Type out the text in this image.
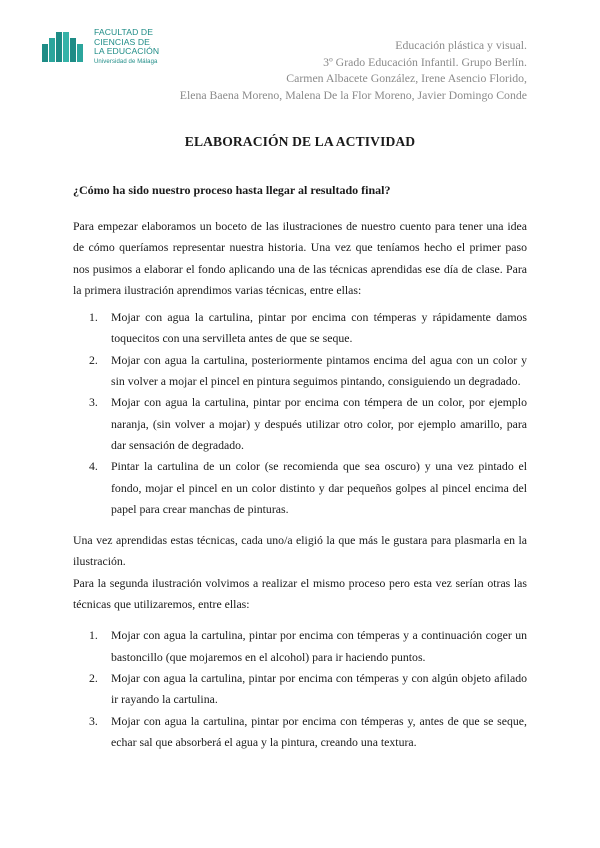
FACULTAD DE
CIENCIAS DE
LA EDUCACIÓN
Universidad de Málaga
Educación plástica y visual.
3º Grado Educación Infantil. Grupo Berlín.
Carmen Albacete González, Irene Asencio Florido,
Elena Baena Moreno, Malena De la Flor Moreno, Javier Domingo Conde
ELABORACIÓN DE LA ACTIVIDAD
¿Cómo ha sido nuestro proceso hasta llegar al resultado final?

Para empezar elaboramos un boceto de las ilustraciones de nuestro cuento para tener una idea de cómo queríamos representar nuestra historia. Una vez que teníamos hecho el primer paso nos pusimos a elaborar el fondo aplicando una de las técnicas aprendidas ese día de clase. Para la primera ilustración aprendimos varias técnicas, entre ellas:

1. Mojar con agua la cartulina, pintar por encima con témperas y rápidamente damos toquecitos con una servilleta antes de que se seque.
2. Mojar con agua la cartulina, posteriormente pintamos encima del agua con un color y sin volver a mojar el pincel en pintura seguimos pintando, consiguiendo un degradado.
3. Mojar con agua la cartulina, pintar por encima con témpera de un color, por ejemplo naranja, (sin volver a mojar) y después utilizar otro color, por ejemplo amarillo, para dar sensación de degradado.
4. Pintar la cartulina de un color (se recomienda que sea oscuro) y una vez pintado el fondo, mojar el pincel en un color distinto y dar pequeños golpes al pincel encima del papel para crear manchas de pinturas.

Una vez aprendidas estas técnicas, cada uno/a eligió la que más le gustara para plasmarla en la ilustración.

Para la segunda ilustración volvimos a realizar el mismo proceso pero esta vez serían otras las técnicas que utilizaremos, entre ellas:

1. Mojar con agua la cartulina, pintar por encima con témperas y a continuación coger un bastoncillo (que mojaremos en el alcohol) para ir haciendo puntos.
2. Mojar con agua la cartulina, pintar por encima con témperas y con algún objeto afilado ir rayando la cartulina.
3. Mojar con agua la cartulina, pintar por encima con témperas y, antes de que se seque, echar sal que absorberá el agua y la pintura, creando una textura.
